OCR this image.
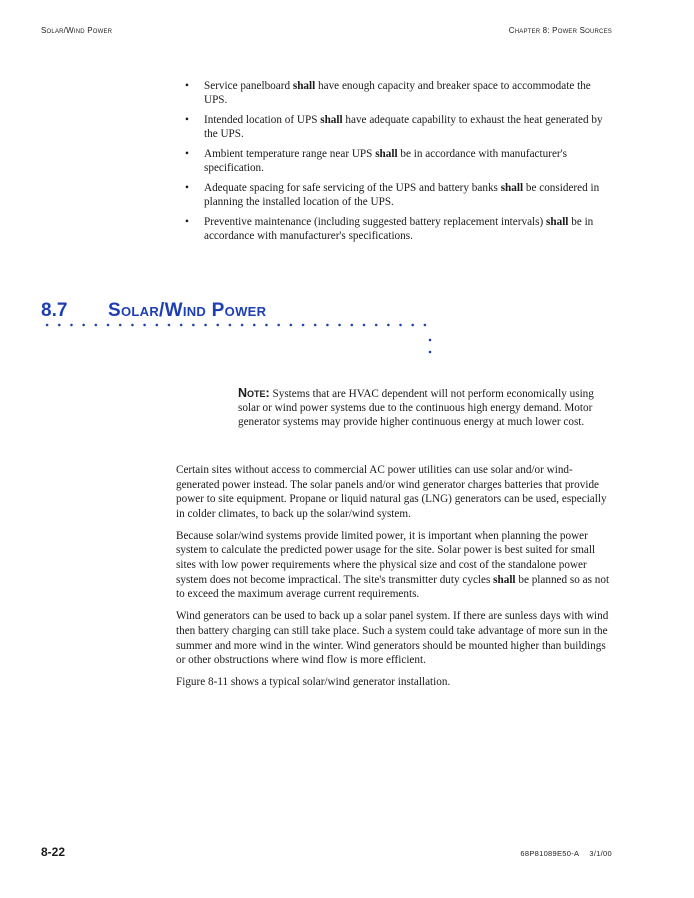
Solar/Wind Power	Chapter 8: Power Sources
• Service panelboard shall have enough capacity and breaker space to accommodate the UPS.
• Intended location of UPS shall have adequate capability to exhaust the heat generated by the UPS.
• Ambient temperature range near UPS shall be in accordance with manufacturer's specification.
• Adequate spacing for safe servicing of the UPS and battery banks shall be considered in planning the installed location of the UPS.
• Preventive maintenance (including suggested battery replacement intervals) shall be in accordance with manufacturer's specifications.
8.7 Solar/Wind Power
Note: Systems that are HVAC dependent will not perform economically using solar or wind power systems due to the continuous high energy demand. Motor generator systems may provide higher continuous energy at much lower cost.

Certain sites without access to commercial AC power utilities can use solar and/or wind-generated power instead. The solar panels and/or wind generator charges batteries that provide power to site equipment. Propane or liquid natural gas (LNG) generators can be used, especially in colder climates, to back up the solar/wind system.

Because solar/wind systems provide limited power, it is important when planning the power system to calculate the predicted power usage for the site. Solar power is best suited for small sites with low power requirements where the physical size and cost of the standalone power system does not become impractical. The site's transmitter duty cycles shall be planned so as not to exceed the maximum average current requirements.

Wind generators can be used to back up a solar panel system. If there are sunless days with wind then battery charging can still take place. Such a system could take advantage of more sun in the summer and more wind in the winter. Wind generators should be mounted higher than buildings or other obstructions where wind flow is more efficient.

Figure 8-11 shows a typical solar/wind generator installation.

8-22	68P81089E50-A 3/1/00
